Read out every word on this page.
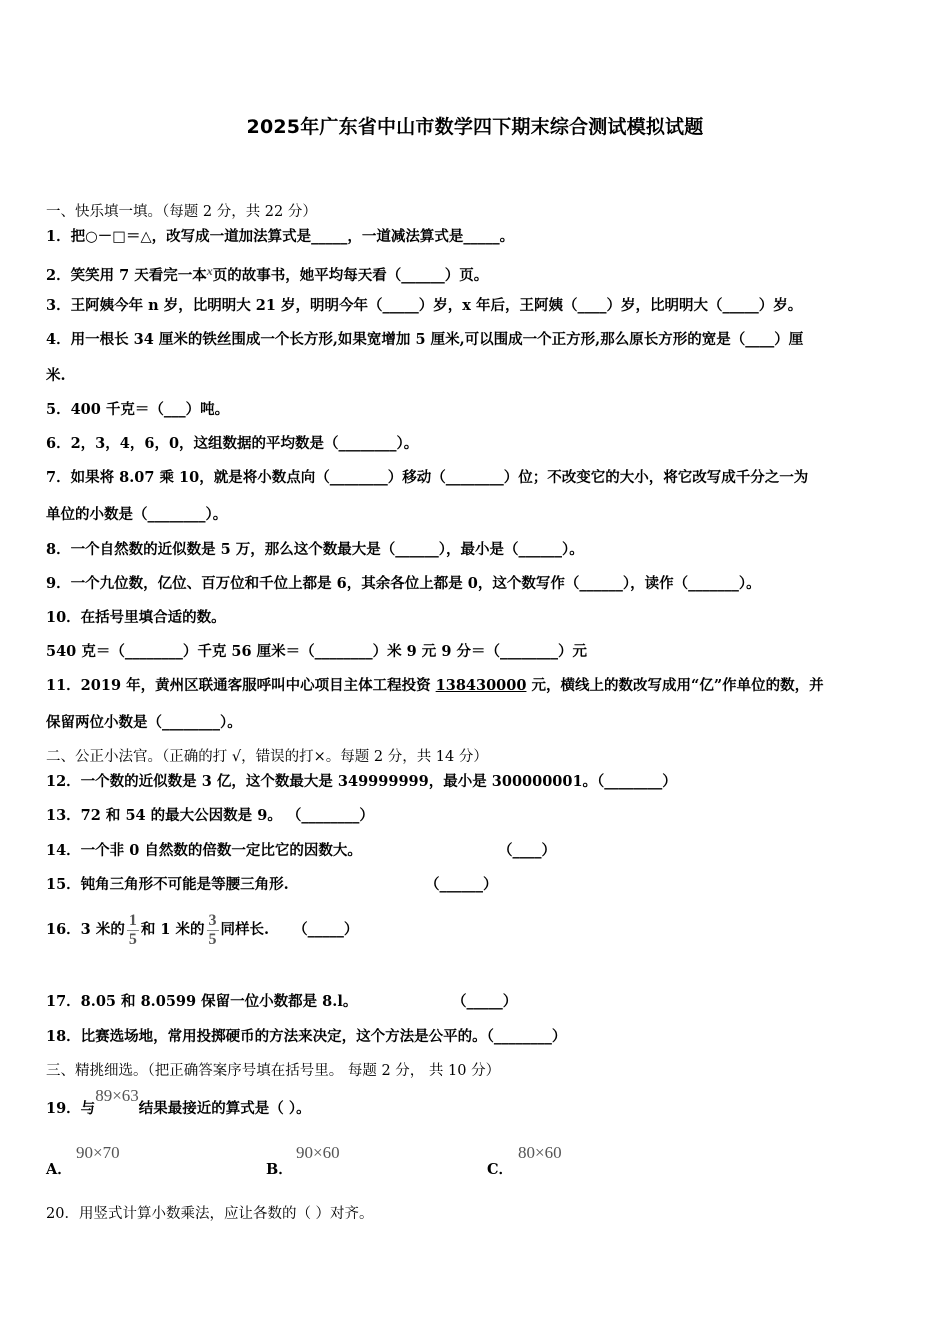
2025年广东省中山市数学四下期末综合测试模拟试题
一、快乐填一填。（每题 2 分，共 22 分）
1．把○－□＝△，改写成一道加法算式是_____，一道减法算式是_____。
2．笑笑用 7 天看完一本$^x$页的故事书，她平均每天看（______）页。
3．王阿姨今年 n 岁，比明明大 21 岁，明明今年（_____）岁，x 年后，王阿姨（____）岁，比明明大（_____）岁。
4．用一根长 34 厘米的铁丝围成一个长方形,如果宽增加 5 厘米,可以围成一个正方形,那么原长方形的宽是（____）厘
米.
5．400 千克＝（___）吨。
6．2，3，4，6，0，这组数据的平均数是（________）。
7．如果将 8.07 乘 10，就是将小数点向（________）移动（________）位；不改变它的大小，将它改写成千分之一为
单位的小数是（________）。
8．一个自然数的近似数是 5 万，那么这个数最大是（______），最小是（______）。
9．一个九位数，亿位、百万位和千位上都是 6，其余各位上都是 0，这个数写作（______），读作（_______）。
10．在括号里填合适的数。
540 克＝（________）千克 56 厘米＝（________）米 9 元 9 分＝（________）元
11．2019 年，黄州区联通客服呼叫中心项目主体工程投资 138430000 元，横线上的数改写成用“亿”作单位的数，并
保留两位小数是（________）。
二、公正小法官。（正确的打 √，错误的打×。每题 2 分，共 14 分）
12．一个数的近似数是 3 亿，这个数最大是 349999999，最小是 300000001。（________）
13．72 和 54 的最大公因数是 9。 （________）
14．一个非 0 自然数的倍数一定比它的因数大。	（____）
15．钝角三角形不可能是等腰三角形.	（______）
16．3 米的 $\frac{1}{5}$ 和 1 米的 $\frac{3}{5}$ 同样长. （_____）
17．8.05 和 8.0599 保留一位小数都是 8.l。	（_____）
18．比赛选场地，常用投掷硬币的方法来决定，这个方法是公平的。（________）
三、精挑细选。（把正确答案序号填在括号里。 每题 2 分， 共 10 分）
19．与89×63结果最接近的算式是（ ）。
A．
90×70
B．
90×60
C．
80×60
20．用竖式计算小数乘法，应让各数的（ ）对齐。
